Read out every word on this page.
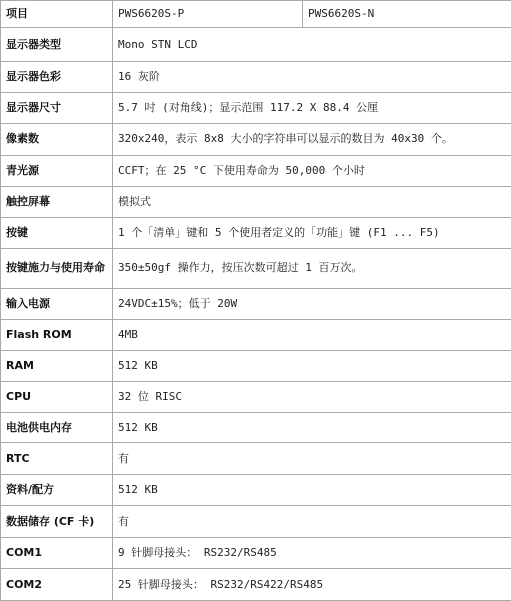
项目	PWS6620S-P	PWS6620S-N
显示器类型	Mono STN LCD	
显示器色彩	16 灰阶	
显示器尺寸	5.7 吋 (对角线)；显示范围 117.2 X 88.4 公厘	
像素数	320x240，表示 8x8 大小的字符串可以显示的数目为 40x30 个。	
青光源	CCFT；在 25 °C 下使用寿命为 50,000 个小时	
触控屏幕	模拟式	
按键	1 个「清单」键和 5 个使用者定义的「功能」键 (F1 ... F5)	
按键施力与使用寿命	350±50gf 操作力，按压次数可超过 1 百万次。	
输入电源	24VDC±15%；低于 20W	
Flash ROM	4MB	
RAM	512 KB	
CPU	32 位 RISC	
电池供电内存	512 KB	
RTC	有	
资料/配方	512 KB	
数据储存 (CF 卡)	有	
COM1	9 针脚母接头： RS232/RS485	
COM2	25 针脚母接头： RS232/RS422/RS485	
